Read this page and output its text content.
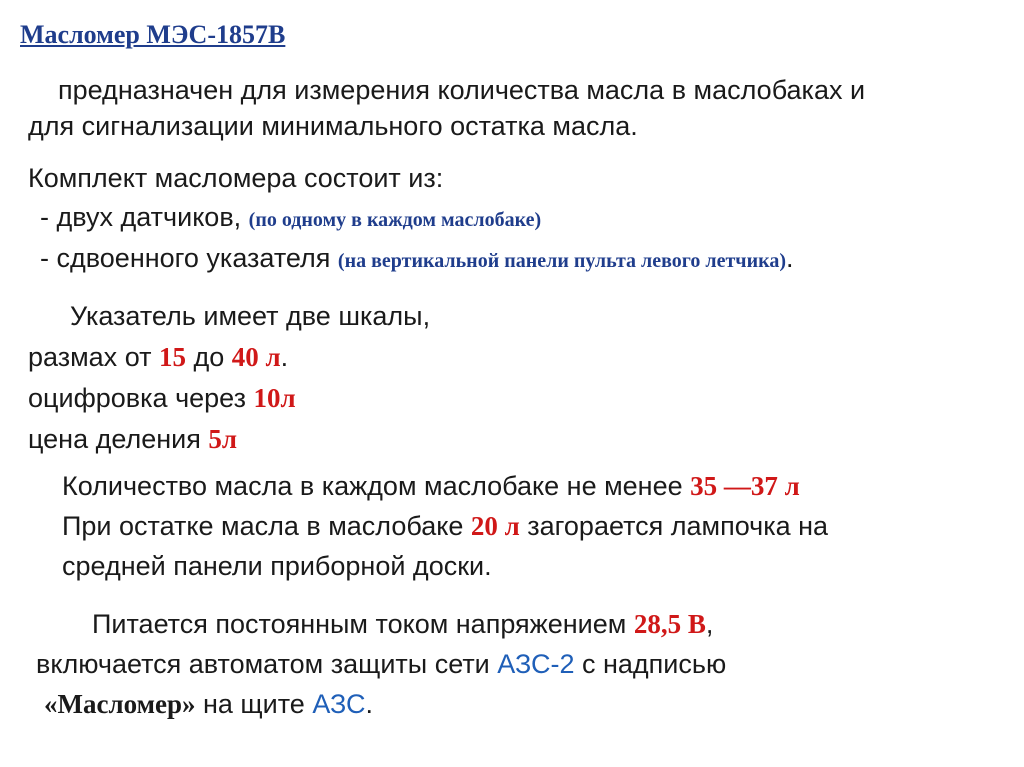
Масломер МЭС-1857В
предназначен для измерения количества масла в маслобаках и
для сигнализации минимального остатка масла.
Комплект масломера состоит из:
- двух датчиков, (по одному в каждом маслобаке)
- сдвоенного указателя (на вертикальной панели пульта левого летчика).
Указатель имеет две шкалы,
размах от 15 до 40 л.
оцифровка через 10л
цена деления 5л
Количество масла в каждом маслобаке не менее 35 —37 л
При остатке масла в маслобаке 20 л загорается лампочка на
средней панели приборной доски.
Питается постоянным током напряжением 28,5 В,
включается автоматом защиты сети АЗС-2 с надписью
«Масломер» на щите АЗС.
